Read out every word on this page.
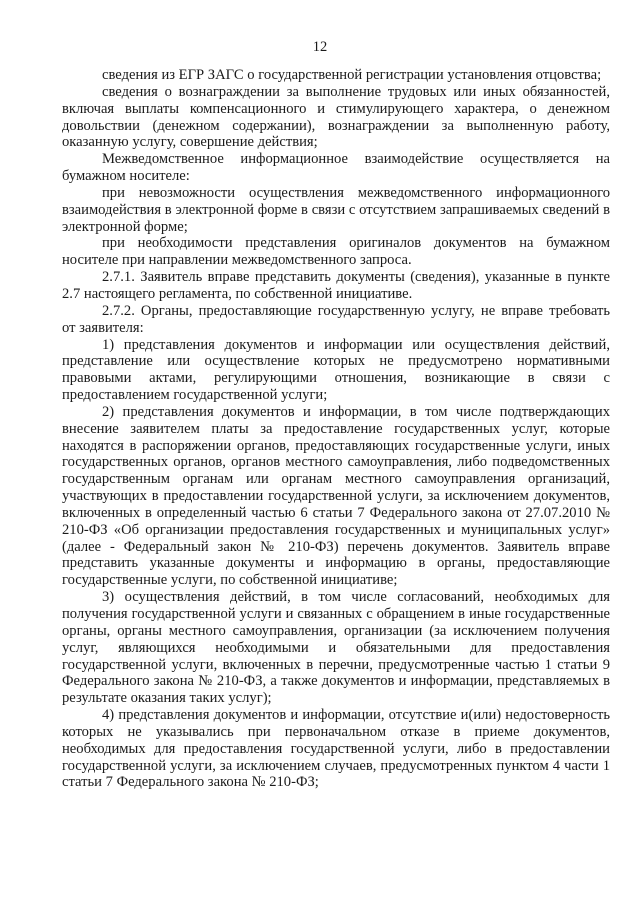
12

сведения из ЕГР ЗАГС о государственной регистрации установления отцовства;

сведения о вознаграждении за выполнение трудовых или иных обязанностей, включая выплаты компенсационного и стимулирующего характера, о денежном довольствии (денежном содержании), вознаграждении за выполненную работу, оказанную услугу, совершение действия;

Межведомственное информационное взаимодействие осуществляется на бумажном носителе:

при невозможности осуществления межведомственного информационного взаимодействия в электронной форме в связи с отсутствием запрашиваемых сведений в электронной форме;

при необходимости представления оригиналов документов на бумажном носителе при направлении межведомственного запроса.

2.7.1. Заявитель вправе представить документы (сведения), указанные в пункте 2.7 настоящего регламента, по собственной инициативе.

2.7.2. Органы, предоставляющие государственную услугу, не вправе требовать от заявителя:

1) представления документов и информации или осуществления действий, представление или осуществление которых не предусмотрено нормативными правовыми актами, регулирующими отношения, возникающие в связи с предоставлением государственной услуги;

2) представления документов и информации, в том числе подтверждающих внесение заявителем платы за предоставление государственных услуг, которые находятся в распоряжении органов, предоставляющих государственные услуги, иных государственных органов, органов местного самоуправления, либо подведомственных государственным органам или органам местного самоуправления организаций, участвующих в предоставлении государственной услуги, за исключением документов, включенных в определенный частью 6 статьи 7 Федерального закона от 27.07.2010 № 210-ФЗ «Об организации предоставления государственных и муниципальных услуг» (далее - Федеральный закон № 210-ФЗ) перечень документов. Заявитель вправе представить указанные документы и информацию в органы, предоставляющие государственные услуги, по собственной инициативе;

3) осуществления действий, в том числе согласований, необходимых для получения государственной услуги и связанных с обращением в иные государственные органы, органы местного самоуправления, организации (за исключением получения услуг, являющихся необходимыми и обязательными для предоставления государственной услуги, включенных в перечни, предусмотренные частью 1 статьи 9 Федерального закона № 210-ФЗ, а также документов и информации, представляемых в результате оказания таких услуг);

4) представления документов и информации, отсутствие и(или) недостоверность которых не указывались при первоначальном отказе в приеме документов, необходимых для предоставления государственной услуги, либо в предоставлении государственной услуги, за исключением случаев, предусмотренных пунктом 4 части 1 статьи 7 Федерального закона № 210-ФЗ;
